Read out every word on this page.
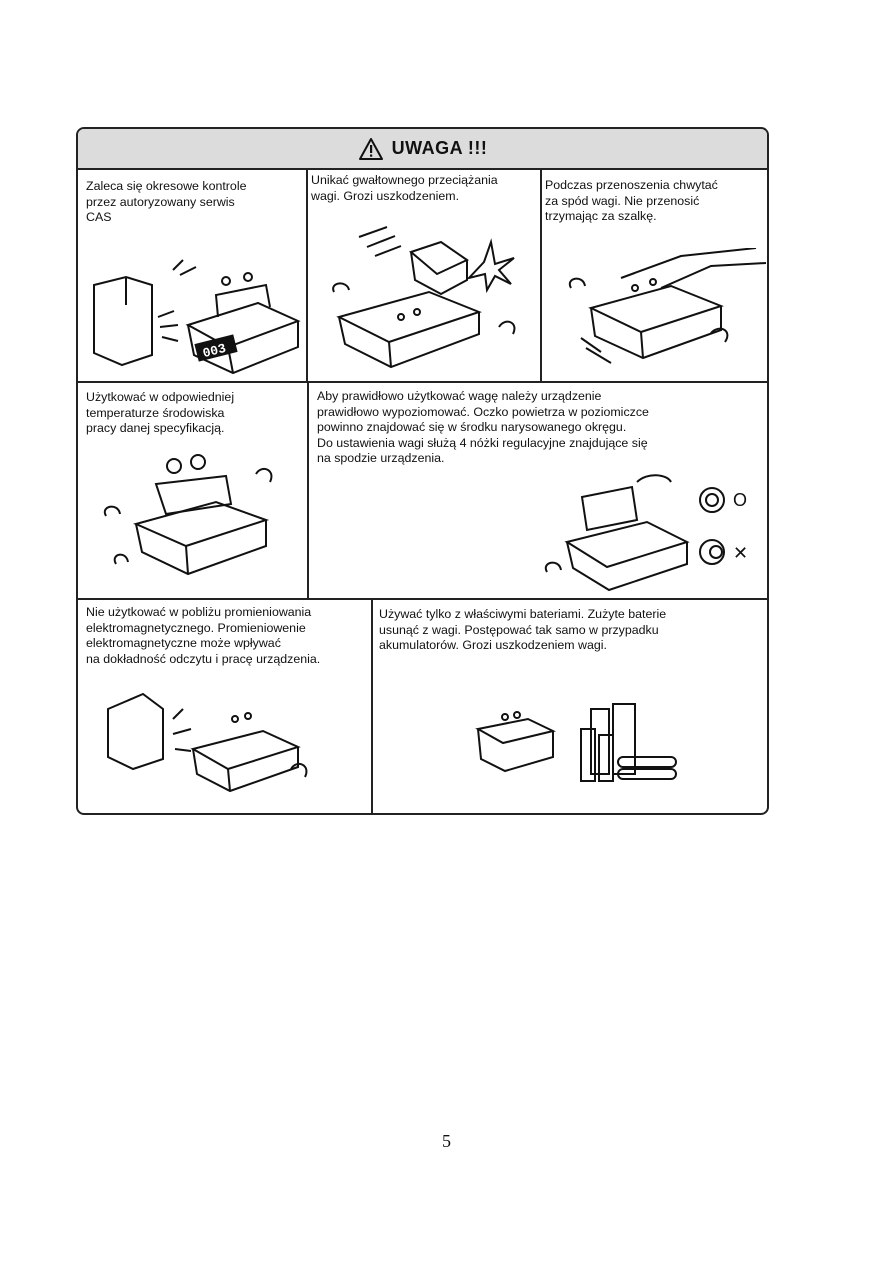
UWAGA !!!
Zaleca się okresowe kontrole
przez autoryzowany serwis
CAS
003
Unikać gwałtownego przeciążania
wagi. Grozi uszkodzeniem.
Podczas przenoszenia chwytać
za spód wagi. Nie przenosić
trzymając za szalkę.
Użytkować w odpowiedniej
temperaturze środowiska
pracy danej specyfikacją.
Aby prawidłowo użytkować wagę należy urządzenie
prawidłowo wypoziomować. Oczko powietrza w poziomiczce
powinno znajdować się w środku narysowanego okręgu.
Do ustawienia wagi służą 4 nóżki regulacyjne znajdujące się
na spodzie urządzenia.
O
✕
Nie użytkować w pobliżu promieniowania
elektromagnetycznego. Promieniowenie
elektromagnetyczne może wpływać
na dokładność odczytu i pracę urządzenia.
Używać tylko z właściwymi bateriami. Zużyte baterie
usunąć z wagi. Postępować tak samo w przypadku
akumulatorów. Grozi uszkodzeniem wagi.
5
